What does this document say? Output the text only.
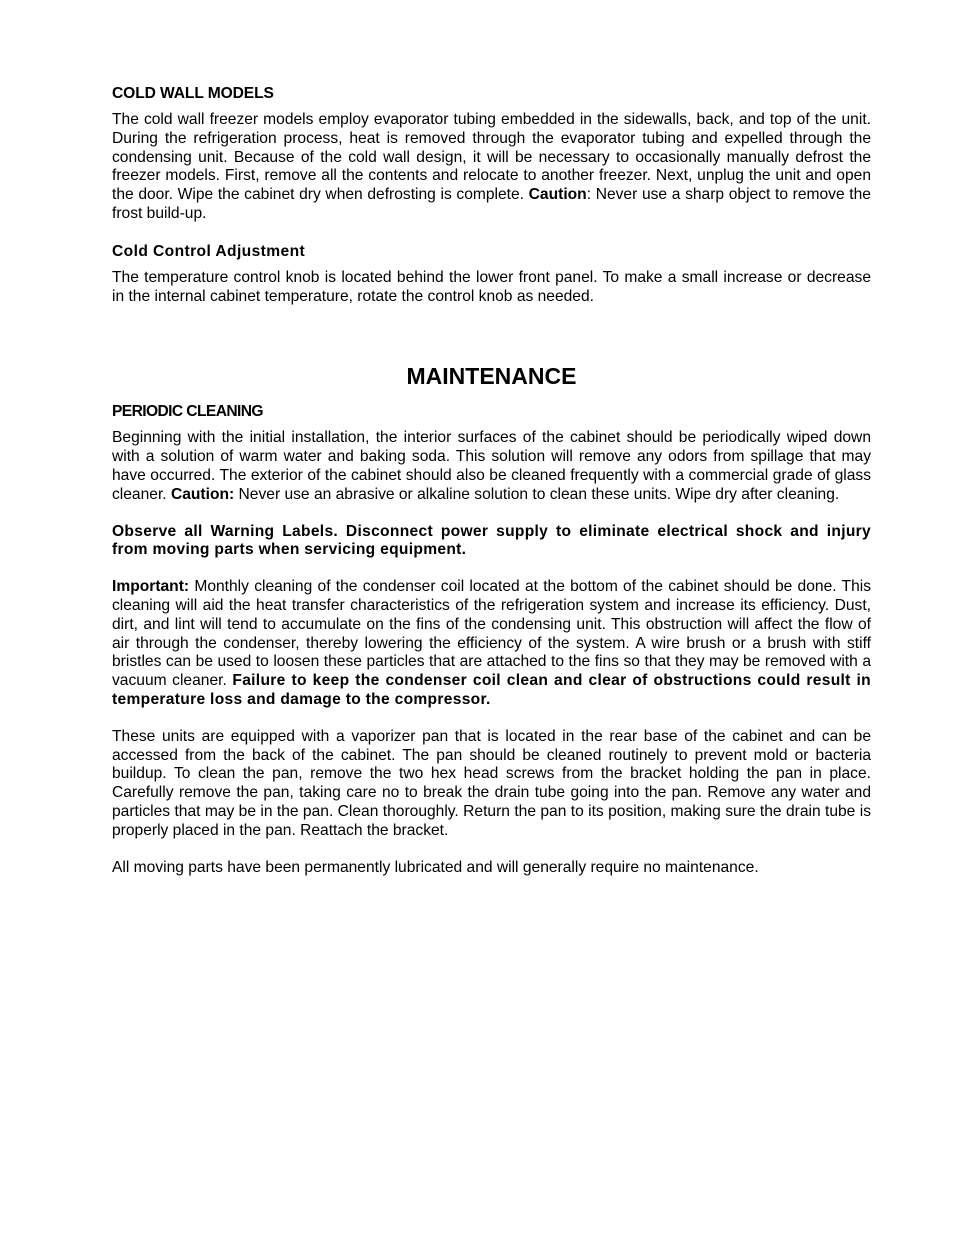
COLD WALL MODELS

The cold wall freezer models employ evaporator tubing embedded in the sidewalls, back, and top of the unit. During the refrigeration process, heat is removed through the evaporator tubing and expelled through the condensing unit. Because of the cold wall design, it will be necessary to occasionally manually defrost the freezer models. First, remove all the contents and relocate to another freezer. Next, unplug the unit and open the door. Wipe the cabinet dry when defrosting is complete. Caution: Never use a sharp object to remove the frost build-up.

Cold Control Adjustment

The temperature control knob is located behind the lower front panel. To make a small increase or decrease in the internal cabinet temperature, rotate the control knob as needed.

MAINTENANCE
PERIODIC CLEANING

Beginning with the initial installation, the interior surfaces of the cabinet should be periodically wiped down with a solution of warm water and baking soda. This solution will remove any odors from spillage that may have occurred. The exterior of the cabinet should also be cleaned frequently with a commercial grade of glass cleaner. Caution: Never use an abrasive or alkaline solution to clean these units. Wipe dry after cleaning.

Observe all Warning Labels. Disconnect power supply to eliminate electrical shock and injury from moving parts when servicing equipment.

Important: Monthly cleaning of the condenser coil located at the bottom of the cabinet should be done. This cleaning will aid the heat transfer characteristics of the refrigeration system and increase its efficiency. Dust, dirt, and lint will tend to accumulate on the fins of the condensing unit. This obstruction will affect the flow of air through the condenser, thereby lowering the efficiency of the system. A wire brush or a brush with stiff bristles can be used to loosen these particles that are attached to the fins so that they may be removed with a vacuum cleaner. Failure to keep the condenser coil clean and clear of obstructions could result in temperature loss and damage to the compressor.

These units are equipped with a vaporizer pan that is located in the rear base of the cabinet and can be accessed from the back of the cabinet. The pan should be cleaned routinely to prevent mold or bacteria buildup. To clean the pan, remove the two hex head screws from the bracket holding the pan in place. Carefully remove the pan, taking care no to break the drain tube going into the pan. Remove any water and particles that may be in the pan. Clean thoroughly. Return the pan to its position, making sure the drain tube is properly placed in the pan. Reattach the bracket.

All moving parts have been permanently lubricated and will generally require no maintenance.
